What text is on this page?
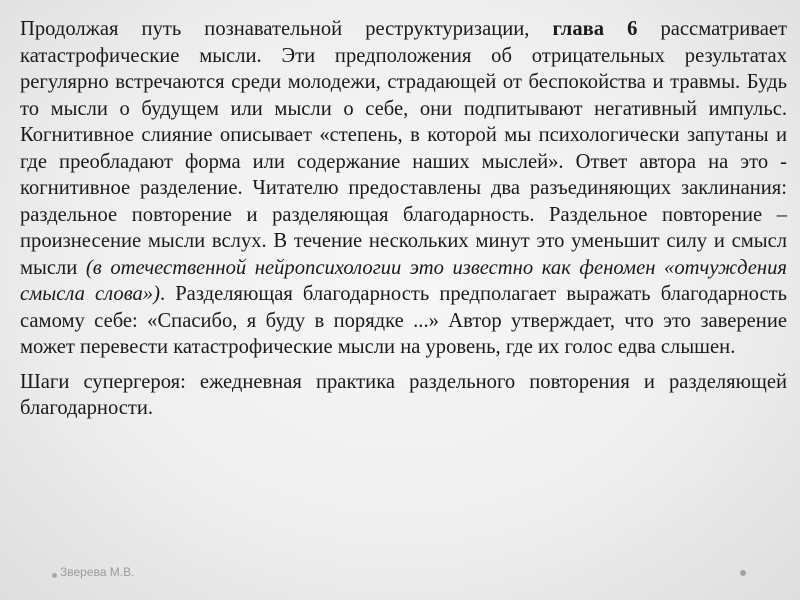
Продолжая путь познавательной реструктуризации, глава 6 рассматривает катастрофические мысли. Эти предположения об отрицательных результатах регулярно встречаются среди молодежи, страдающей от беспокойства и травмы. Будь то мысли о будущем или мысли о себе, они подпитывают негативный импульс. Когнитивное слияние описывает «степень, в которой мы психологически запутаны и где преобладают форма или содержание наших мыслей». Ответ автора на это - когнитивное разделение. Читателю предоставлены два разъединяющих заклинания: раздельное повторение и разделяющая благодарность. Раздельное повторение – произнесение мысли вслух. В течение нескольких минут это уменьшит силу и смысл мысли (в отечественной нейропсихологии это известно как феномен «отчуждения смысла слова»). Разделяющая благодарность предполагает выражать благодарность самому себе: «Спасибо, я буду в порядке ...» Автор утверждает, что это заверение может перевести катастрофические мысли на уровень, где их голос едва слышен.

Шаги супергероя: ежедневная практика раздельного повторения и разделяющей благодарности.

Зверева М.В.
